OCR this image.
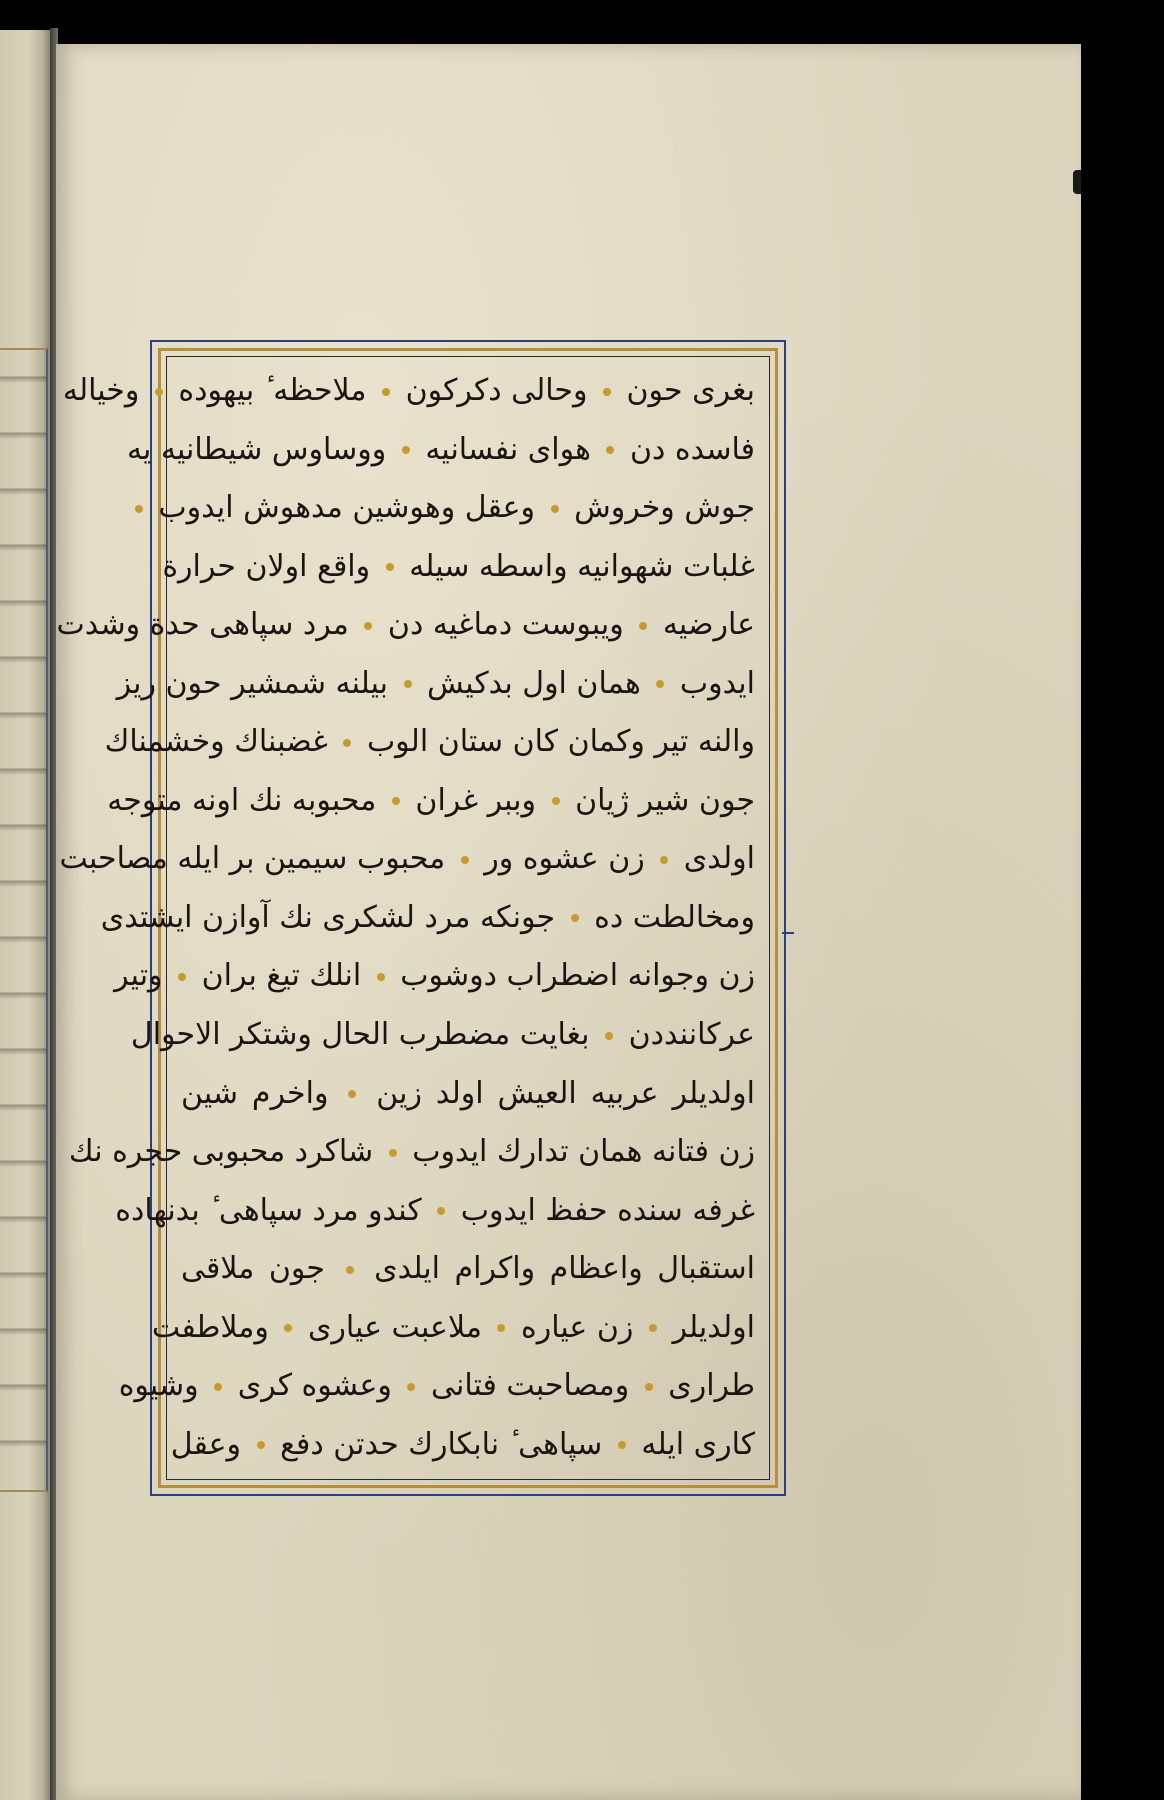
بغری حون  وحالی دکرکون  ملاحظه ٔ بیهوده  وخیاله
فاسده دن  هوای نفسانیه  ووساوس شیطانیه یه
جوش وخروش  وعقل وهوشین مدهوش ایدوب
غلبات شهوانیه واسطه سیله  واقع اولان حرارة
عارضیه  ویبوست دماغیه دن  مرد سپاهی حدة وشدت
ایدوب  همان اول بدکیش  بیلنه شمشیر حون ریز
والنه تیر وکمان کان ستان الوب  غضبناك وخشمناك
جون شیر ژیان  وببر غران  محبوبه نك اونه متوجه
اولدی  زن عشوه ور  محبوب سیمین بر ایله مصاحبت
ومخالطت ده  جونکه مرد لشکری نك آوازن ایشتدی
زن وجوانه اضطراب دوشوب  انلك تیغ بران  وتیر
عرکاننددن  بغایت مضطرب الحال وشتکر الاحوال
اولدیلر عربیه العیش اولد زین  واخرم شین
زن فتانه همان تدارك ایدوب  شاکرد محبوبی حجره نك
غرفه سنده حفظ ایدوب  کندو مرد سپاهی ٔ بدنهاده
استقبال واعظام واکرام ایلدی  جون ملاقی
اولدیلر  زن عیاره  ملاعبت عیاری  وملاطفت
طراری  ومصاحبت فتانی  وعشوه کری  وشیوه
کاری ایله  سپاهی ٔ نابکارك حدتن دفع  وعقل
